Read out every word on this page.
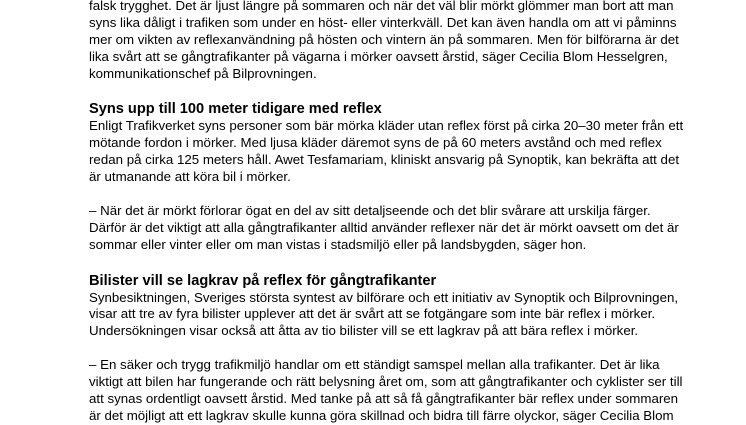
falsk trygghet. Det är ljust längre på sommaren och när det väl blir mörkt glömmer man bort att man
syns lika dåligt i trafiken som under en höst- eller vinterkväll. Det kan även handla om att vi påminns
mer om vikten av reflexanvändning på hösten och vintern än på sommaren. Men för bilförarna är det
lika svårt att se gångtrafikanter på vägarna i mörker oavsett årstid, säger Cecilia Blom Hesselgren,
kommunikationschef på Bilprovningen.

Syns upp till 100 meter tidigare med reflex

Enligt Trafikverket syns personer som bär mörka kläder utan reflex först på cirka 20–30 meter från ett
mötande fordon i mörker. Med ljusa kläder däremot syns de på 60 meters avstånd och med reflex
redan på cirka 125 meters håll. Awet Tesfamariam, kliniskt ansvarig på Synoptik, kan bekräfta att det
är utmanande att köra bil i mörker.

– När det är mörkt förlorar ögat en del av sitt detaljseende och det blir svårare att urskilja färger.
Därför är det viktigt att alla gångtrafikanter alltid använder reflexer när det är mörkt oavsett om det är
sommar eller vinter eller om man vistas i stadsmiljö eller på landsbygden, säger hon.

Bilister vill se lagkrav på reflex för gångtrafikanter

Synbesiktningen, Sveriges största syntest av bilförare och ett initiativ av Synoptik och Bilprovningen,
visar att tre av fyra bilister upplever att det är svårt att se fotgängare som inte bär reflex i mörker.
Undersökningen visar också att åtta av tio bilister vill se ett lagkrav på att bära reflex i mörker.

– En säker och trygg trafikmiljö handlar om ett ständigt samspel mellan alla trafikanter. Det är lika
viktigt att bilen har fungerande och rätt belysning året om, som att gångtrafikanter och cyklister ser till
att synas ordentligt oavsett årstid. Med tanke på att så få gångtrafikanter bär reflex under sommaren
är det möjligt att ett lagkrav skulle kunna göra skillnad och bidra till färre olyckor, säger Cecilia Blom
